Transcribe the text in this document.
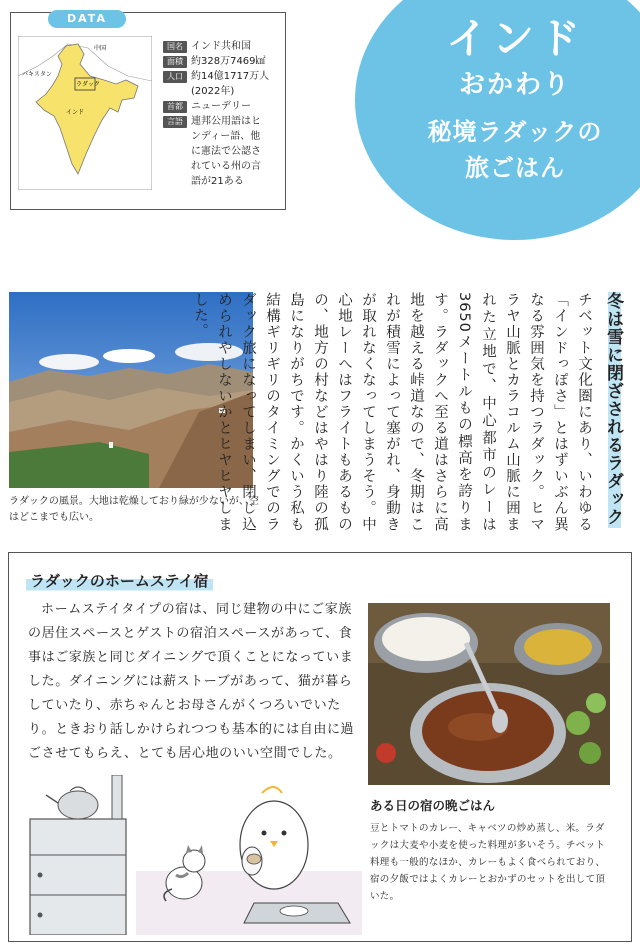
DATA
中国
パキスタン
ラダック
インド
国名 インド共和国
面積 約328万7469㎢
人口 約14億1717万人
(2022年)
首都 ニューデリー
言語 連邦公用語はヒ
ンディー語、他
に憲法で公認さ
れている州の言
語が21ある
インド
おかわり
秘境ラダックの
旅ごはん
ラダックの風景。大地は乾燥しており緑が少ないが、空はどこまでも広い。	冬は雪に閉ざされるラダック
チベット文化圏にあり、いわゆる「インドっぽさ」とはずいぶん異なる雰囲気を持つラダック。ヒマラヤ山脈とカラコルム山脈に囲まれた立地で、中心都市のレーは3650メートルもの標高を誇ります。ラダックへ至る道はさらに高地を越える峠道なので、冬期はこれが積雪によって塞がれ、身動きが取れなくなってしまうそう。中心地レーへはフライトもあるものの、地方の村などはやはり陸の孤島になりがちです。かくいう私も結構ギリギリのタイミングでのラダック旅になってしまい、閉じ込められやしないかとヒヤヒヤしました。
ラダックのホームステイ宿
ホームステイタイプの宿は、同じ建物の中にご家族の居住スペースとゲストの宿泊スペースがあって、食事はご家族と同じダイニングで頂くことになっていました。ダイニングには薪ストーブがあって、猫が暮らしていたり、赤ちゃんとお母さんがくつろいでいたり。ときおり話しかけられつつも基本的には自由に過ごさせてもらえ、とても居心地のいい空間でした。
ある日の宿の晩ごはん
豆とトマトのカレー、キャベツの炒め蒸し、米。ラダックは大麦や小麦を使った料理が多いそう。チベット料理も一般的なほか、カレーもよく食べられており、宿の夕飯ではよくカレーとおかずのセットを出して頂いた。
